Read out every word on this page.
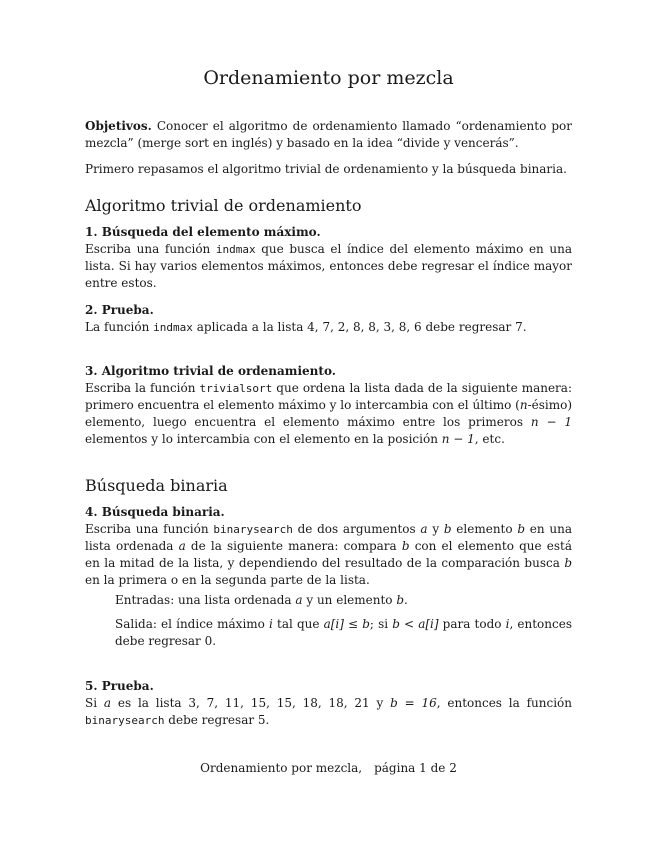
Ordenamiento por mezcla

Objetivos. Conocer el algoritmo de ordenamiento llamado “ordenamiento por mezcla” (merge sort en inglés) y basado en la idea “divide y vencerás”.

Primero repasamos el algoritmo trivial de ordenamiento y la búsqueda binaria.

Algoritmo trivial de ordenamiento
1. Búsqueda del elemento máximo.
Escriba una función indmax que busca el índice del elemento máximo en una lista. Si hay varios elementos máximos, entonces debe regresar el índice mayor entre estos.
2. Prueba.
La función indmax aplicada a la lista 4, 7, 2, 8, 8, 3, 8, 6 debe regresar 7.
3. Algoritmo trivial de ordenamiento.
Escriba la función trivialsort que ordena la lista dada de la siguiente manera: primero encuentra el elemento máximo y lo intercambia con el último (n-ésimo) elemento, luego encuentra el elemento máximo entre los primeros n − 1 elementos y lo intercambia con el elemento en la posición n − 1, etc.
Búsqueda binaria
4. Búsqueda binaria.
Escriba una función binarysearch de dos argumentos a y b elemento b en una lista ordenada a de la siguiente manera: compara b con el elemento que está en la mitad de la lista, y dependiendo del resultado de la comparación busca b en la primera o en la segunda parte de la lista.
Entradas: una lista ordenada a y un elemento b.
Salida: el índice máximo i tal que a[i] ≤ b; si b < a[i] para todo i, entonces debe regresar 0.
5. Prueba.
Si a es la lista 3, 7, 11, 15, 15, 18, 18, 21 y b = 16, entonces la función binarysearch debe regresar 5.
Ordenamiento por mezcla, página 1 de 2
